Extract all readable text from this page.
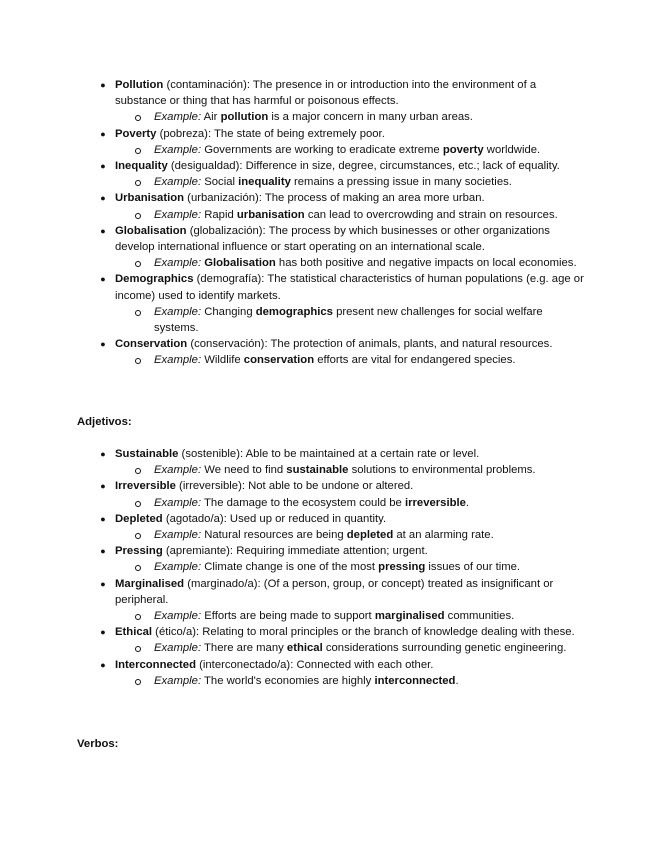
● Pollution (contaminación): The presence in or introduction into the environment of a substance or thing that has harmful or poisonous effects.
Example: Air pollution is a major concern in many urban areas.
● Poverty (pobreza): The state of being extremely poor.
Example: Governments are working to eradicate extreme poverty worldwide.
● Inequality (desigualdad): Difference in size, degree, circumstances, etc.; lack of equality.
Example: Social inequality remains a pressing issue in many societies.
● Urbanisation (urbanización): The process of making an area more urban.
Example: Rapid urbanisation can lead to overcrowding and strain on resources.
● Globalisation (globalización): The process by which businesses or other organizations develop international influence or start operating on an international scale.
Example: Globalisation has both positive and negative impacts on local economies.
● Demographics (demografía): The statistical characteristics of human populations (e.g. age or income) used to identify markets.
Example: Changing demographics present new challenges for social welfare systems.
● Conservation (conservación): The protection of animals, plants, and natural resources.
Example: Wildlife conservation efforts are vital for endangered species.
Adjetivos:
● Sustainable (sostenible): Able to be maintained at a certain rate or level.
Example: We need to find sustainable solutions to environmental problems.
● Irreversible (irreversible): Not able to be undone or altered.
Example: The damage to the ecosystem could be irreversible.
● Depleted (agotado/a): Used up or reduced in quantity.
Example: Natural resources are being depleted at an alarming rate.
● Pressing (apremiante): Requiring immediate attention; urgent.
Example: Climate change is one of the most pressing issues of our time.
● Marginalised (marginado/a): (Of a person, group, or concept) treated as insignificant or peripheral.
Example: Efforts are being made to support marginalised communities.
● Ethical (ético/a): Relating to moral principles or the branch of knowledge dealing with these.
Example: There are many ethical considerations surrounding genetic engineering.
● Interconnected (interconectado/a): Connected with each other.
Example: The world's economies are highly interconnected.
Verbos:
